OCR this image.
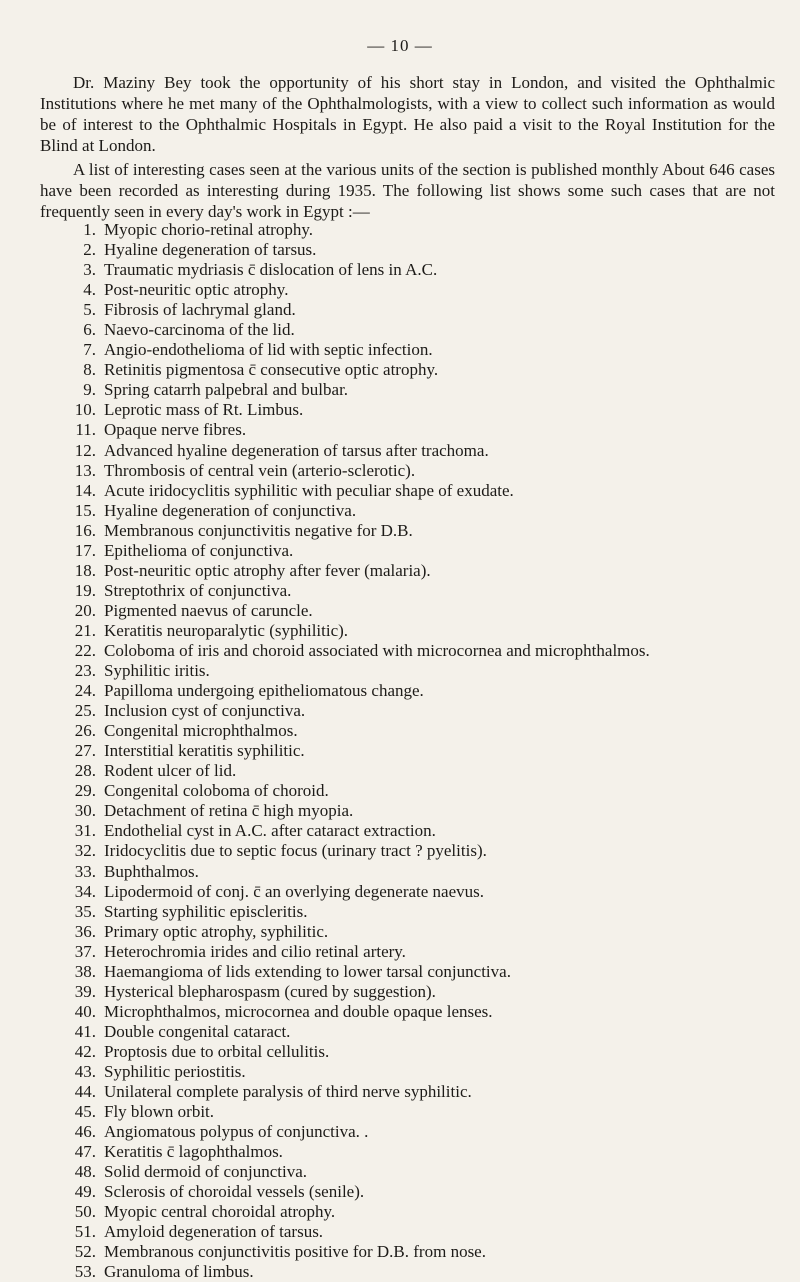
— 10 —

Dr. Maziny Bey took the opportunity of his short stay in London, and visited the Ophthalmic Institutions where he met many of the Ophthalmologists, with a view to collect such information as would be of interest to the Ophthalmic Hospitals in Egypt. He also paid a visit to the Royal Institution for the Blind at London.

A list of interesting cases seen at the various units of the section is published monthly About 646 cases have been recorded as interesting during 1935. The following list shows some such cases that are not frequently seen in every day's work in Egypt :—

1. Myopic chorio-retinal atrophy.
2. Hyaline degeneration of tarsus.
3. Traumatic mydriasis c̄ dislocation of lens in A.C.
4. Post-neuritic optic atrophy.
5. Fibrosis of lachrymal gland.
6. Naevo-carcinoma of the lid.
7. Angio-endothelioma of lid with septic infection.
8. Retinitis pigmentosa c̄ consecutive optic atrophy.
9. Spring catarrh palpebral and bulbar.
10. Leprotic mass of Rt. Limbus.
11. Opaque nerve fibres.
12. Advanced hyaline degeneration of tarsus after trachoma.
13. Thrombosis of central vein (arterio-sclerotic).
14. Acute iridocyclitis syphilitic with peculiar shape of exudate.
15. Hyaline degeneration of conjunctiva.
16. Membranous conjunctivitis negative for D.B.
17. Epithelioma of conjunctiva.
18. Post-neuritic optic atrophy after fever (malaria).
19. Streptothrix of conjunctiva.
20. Pigmented naevus of caruncle.
21. Keratitis neuroparalytic (syphilitic).
22. Coloboma of iris and choroid associated with microcornea and microphthalmos.
23. Syphilitic iritis.
24. Papilloma undergoing epitheliomatous change.
25. Inclusion cyst of conjunctiva.
26. Congenital microphthalmos.
27. Interstitial keratitis syphilitic.
28. Rodent ulcer of lid.
29. Congenital coloboma of choroid.
30. Detachment of retina c̄ high myopia.
31. Endothelial cyst in A.C. after cataract extraction.
32. Iridocyclitis due to septic focus (urinary tract ? pyelitis).
33. Buphthalmos.
34. Lipodermoid of conj. c̄ an overlying degenerate naevus.
35. Starting syphilitic episcleritis.
36. Primary optic atrophy, syphilitic.
37. Heterochromia irides and cilio retinal artery.
38. Haemangioma of lids extending to lower tarsal conjunctiva.
39. Hysterical blepharospasm (cured by suggestion).
40. Microphthalmos, microcornea and double opaque lenses.
41. Double congenital cataract.
42. Proptosis due to orbital cellulitis.
43. Syphilitic periostitis.
44. Unilateral complete paralysis of third nerve syphilitic.
45. Fly blown orbit.
46. Angiomatous polypus of conjunctiva. .
47. Keratitis c̄ lagophthalmos.
48. Solid dermoid of conjunctiva.
49. Sclerosis of choroidal vessels (senile).
50. Myopic central choroidal atrophy.
51. Amyloid degeneration of tarsus.
52. Membranous conjunctivitis positive for D.B. from nose.
53. Granuloma of limbus.
